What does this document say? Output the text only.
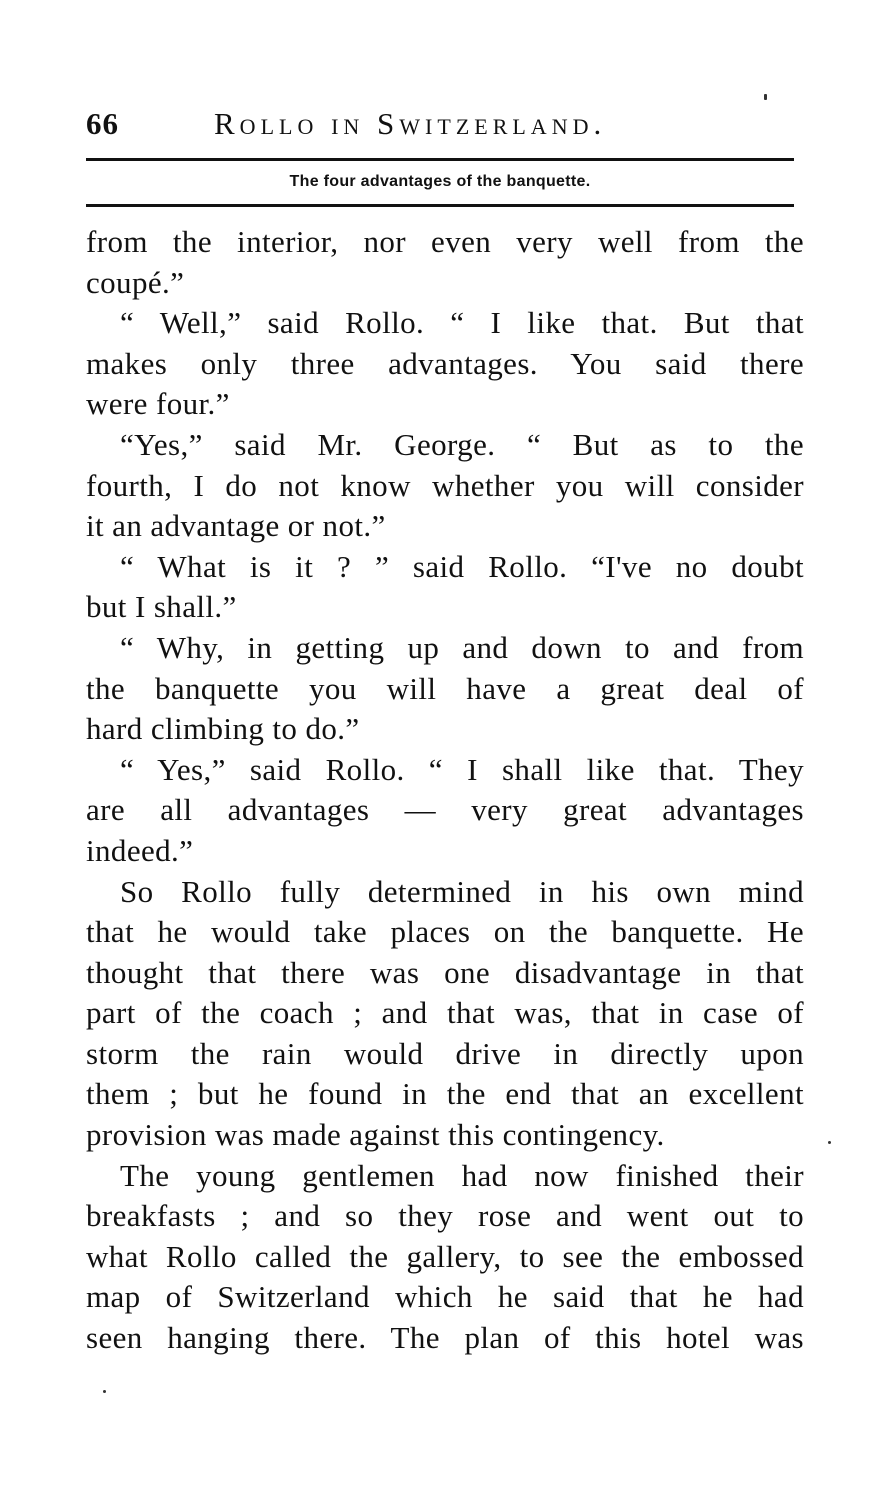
66	Rollo in Switzerland.
The four advantages of the banquette.
from the interior, nor even very well from the
coupé.”
“ Well,” said Rollo. “ I like that. But that
makes only three advantages. You said there
were four.”
“Yes,” said Mr. George. “ But as to the
fourth, I do not know whether you will consider
it an advantage or not.”
“ What is it ? ” said Rollo. “I've no doubt
but I shall.”
“ Why, in getting up and down to and from
the banquette you will have a great deal of
hard climbing to do.”
“ Yes,” said Rollo. “ I shall like that. They
are all advantages — very great advantages
indeed.”
So Rollo fully determined in his own mind
that he would take places on the banquette. He
thought that there was one disadvantage in that
part of the coach ; and that was, that in case of
storm the rain would drive in directly upon
them ; but he found in the end that an excellent
provision was made against this contingency.
The young gentlemen had now finished their
breakfasts ; and so they rose and went out to
what Rollo called the gallery, to see the embossed
map of Switzerland which he said that he had
seen hanging there. The plan of this hotel was
